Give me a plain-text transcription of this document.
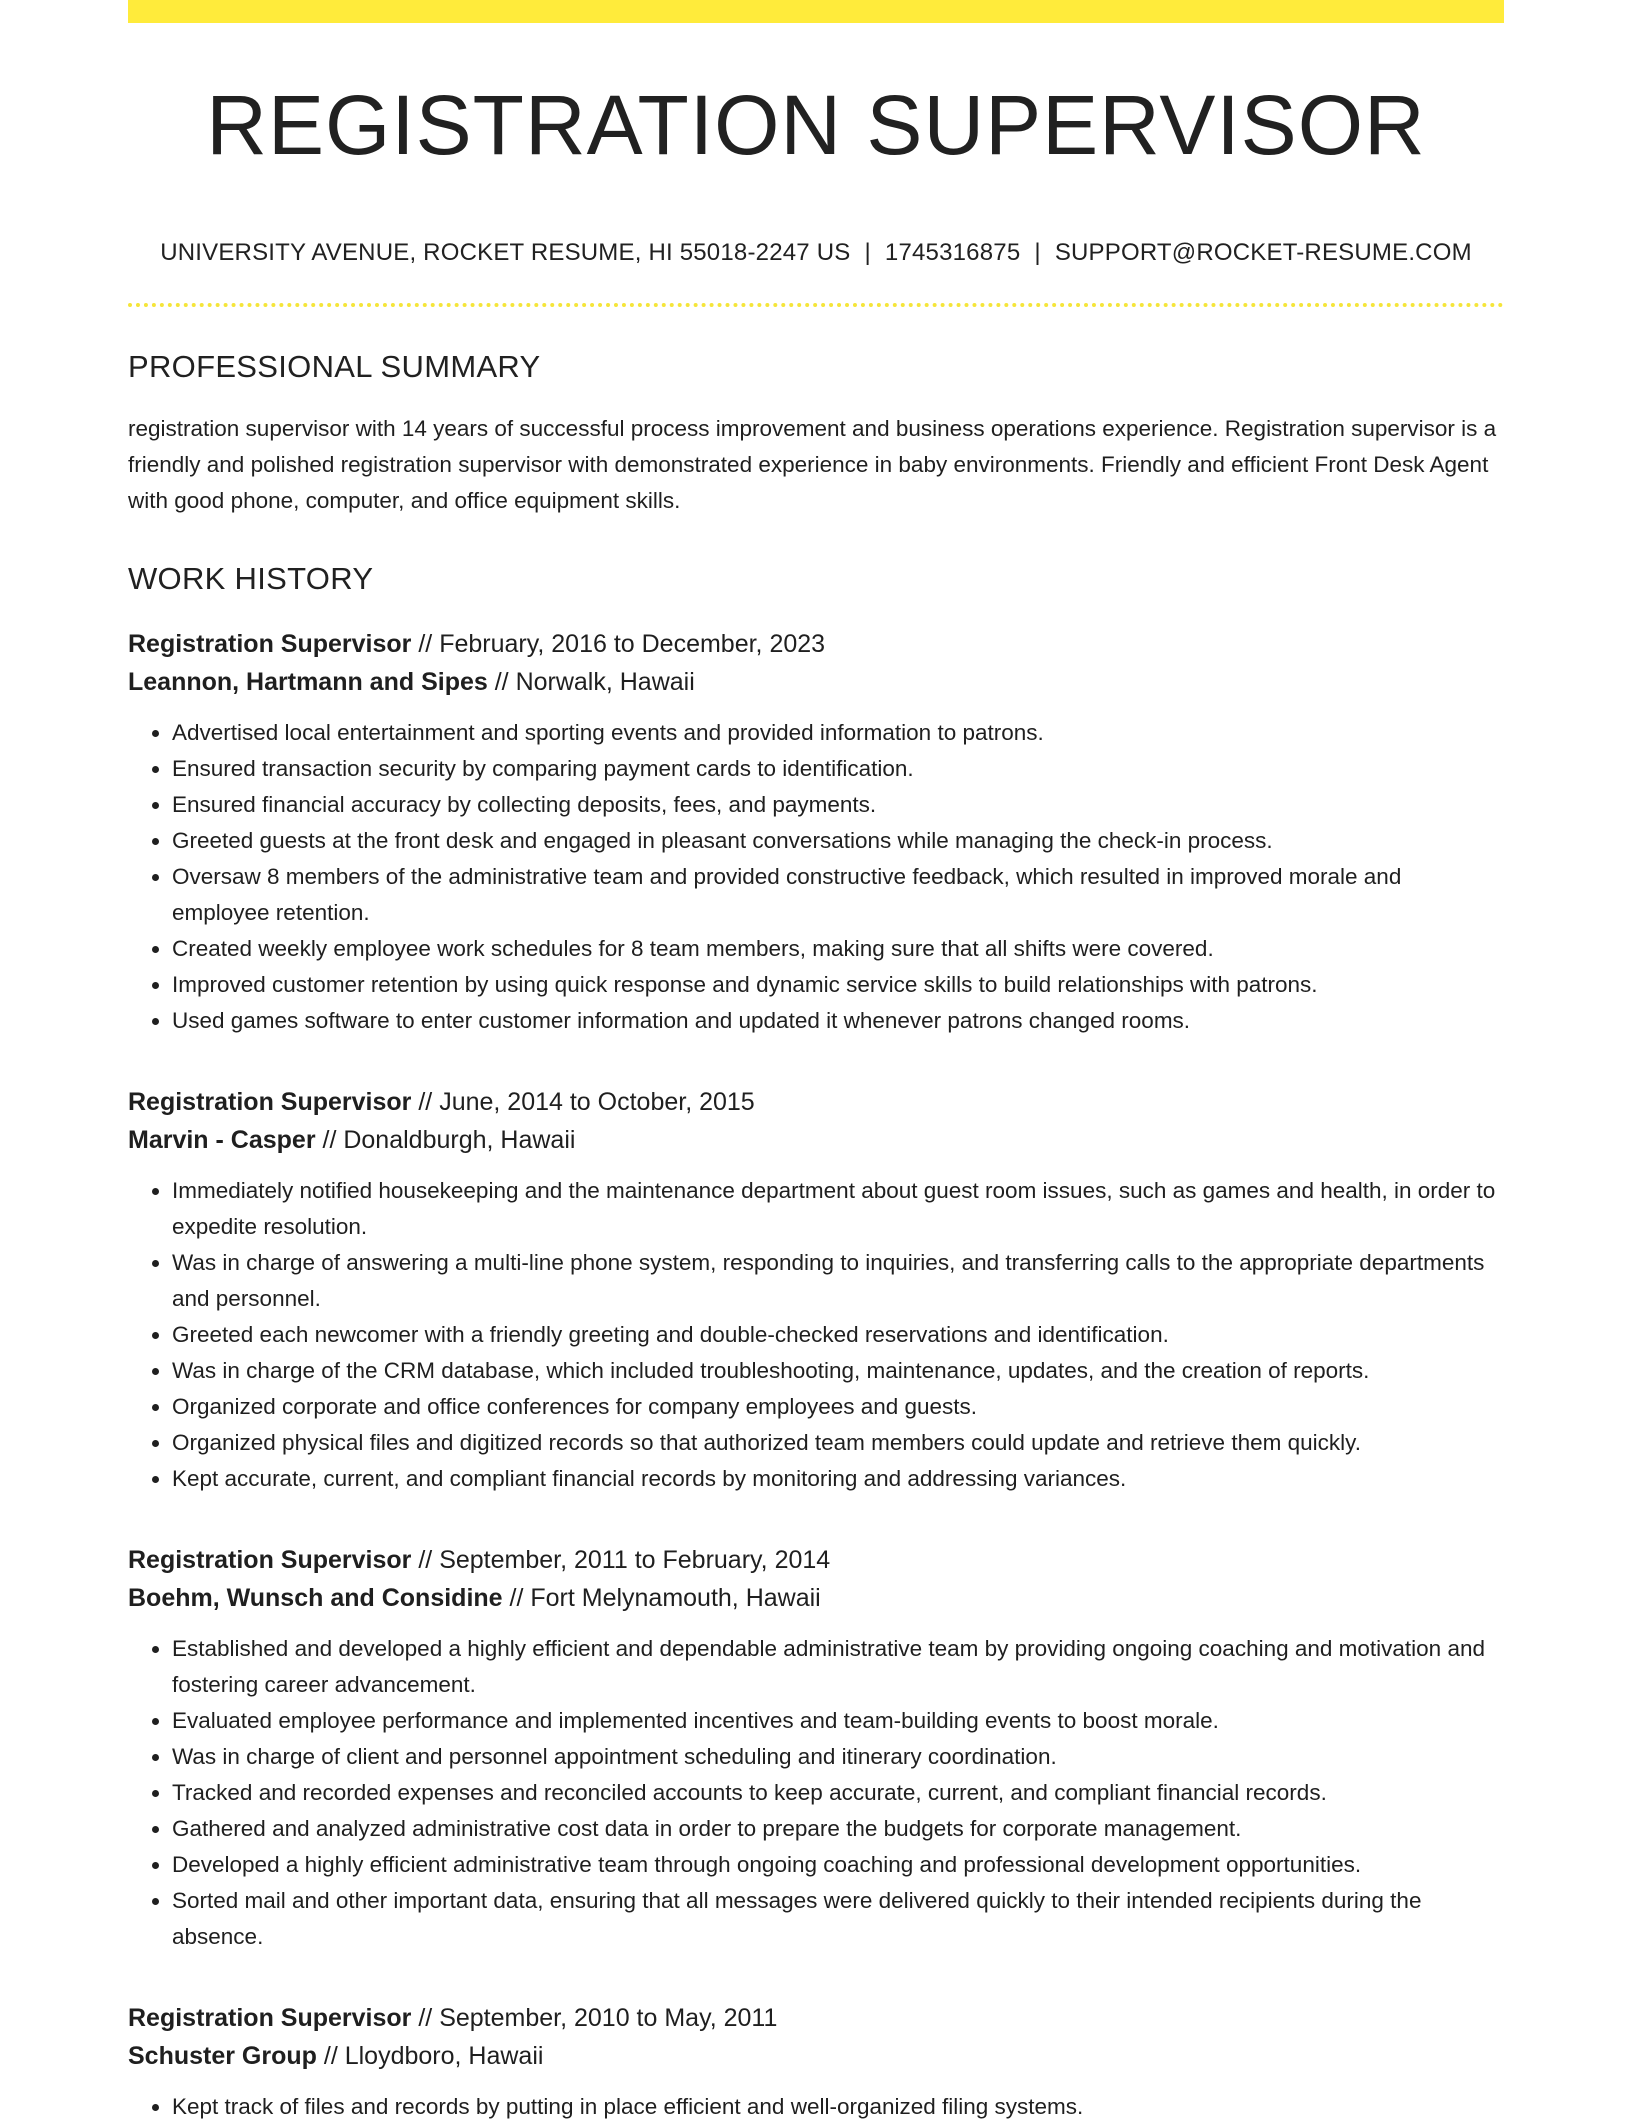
REGISTRATION SUPERVISOR
UNIVERSITY AVENUE, ROCKET RESUME, HI 55018-2247 US | 1745316875 | SUPPORT@ROCKET-RESUME.COM
PROFESSIONAL SUMMARY
registration supervisor with 14 years of successful process improvement and business operations experience. Registration supervisor is a friendly and polished registration supervisor with demonstrated experience in baby environments. Friendly and efficient Front Desk Agent with good phone, computer, and office equipment skills.
WORK HISTORY
Registration Supervisor // February, 2016 to December, 2023
Leannon, Hartmann and Sipes // Norwalk, Hawaii
• Advertised local entertainment and sporting events and provided information to patrons.
• Ensured transaction security by comparing payment cards to identification.
• Ensured financial accuracy by collecting deposits, fees, and payments.
• Greeted guests at the front desk and engaged in pleasant conversations while managing the check-in process.
• Oversaw 8 members of the administrative team and provided constructive feedback, which resulted in improved morale and employee retention.
• Created weekly employee work schedules for 8 team members, making sure that all shifts were covered.
• Improved customer retention by using quick response and dynamic service skills to build relationships with patrons.
• Used games software to enter customer information and updated it whenever patrons changed rooms.
Registration Supervisor // June, 2014 to October, 2015
Marvin - Casper // Donaldburgh, Hawaii
• Immediately notified housekeeping and the maintenance department about guest room issues, such as games and health, in order to expedite resolution.
• Was in charge of answering a multi-line phone system, responding to inquiries, and transferring calls to the appropriate departments and personnel.
• Greeted each newcomer with a friendly greeting and double-checked reservations and identification.
• Was in charge of the CRM database, which included troubleshooting, maintenance, updates, and the creation of reports.
• Organized corporate and office conferences for company employees and guests.
• Organized physical files and digitized records so that authorized team members could update and retrieve them quickly.
• Kept accurate, current, and compliant financial records by monitoring and addressing variances.
Registration Supervisor // September, 2011 to February, 2014
Boehm, Wunsch and Considine // Fort Melynamouth, Hawaii
• Established and developed a highly efficient and dependable administrative team by providing ongoing coaching and motivation and fostering career advancement.
• Evaluated employee performance and implemented incentives and team-building events to boost morale.
• Was in charge of client and personnel appointment scheduling and itinerary coordination.
• Tracked and recorded expenses and reconciled accounts to keep accurate, current, and compliant financial records.
• Gathered and analyzed administrative cost data in order to prepare the budgets for corporate management.
• Developed a highly efficient administrative team through ongoing coaching and professional development opportunities.
• Sorted mail and other important data, ensuring that all messages were delivered quickly to their intended recipients during the absence.
Registration Supervisor // September, 2010 to May, 2011
Schuster Group // Lloydboro, Hawaii
• Kept track of files and records by putting in place efficient and well-organized filing systems.
